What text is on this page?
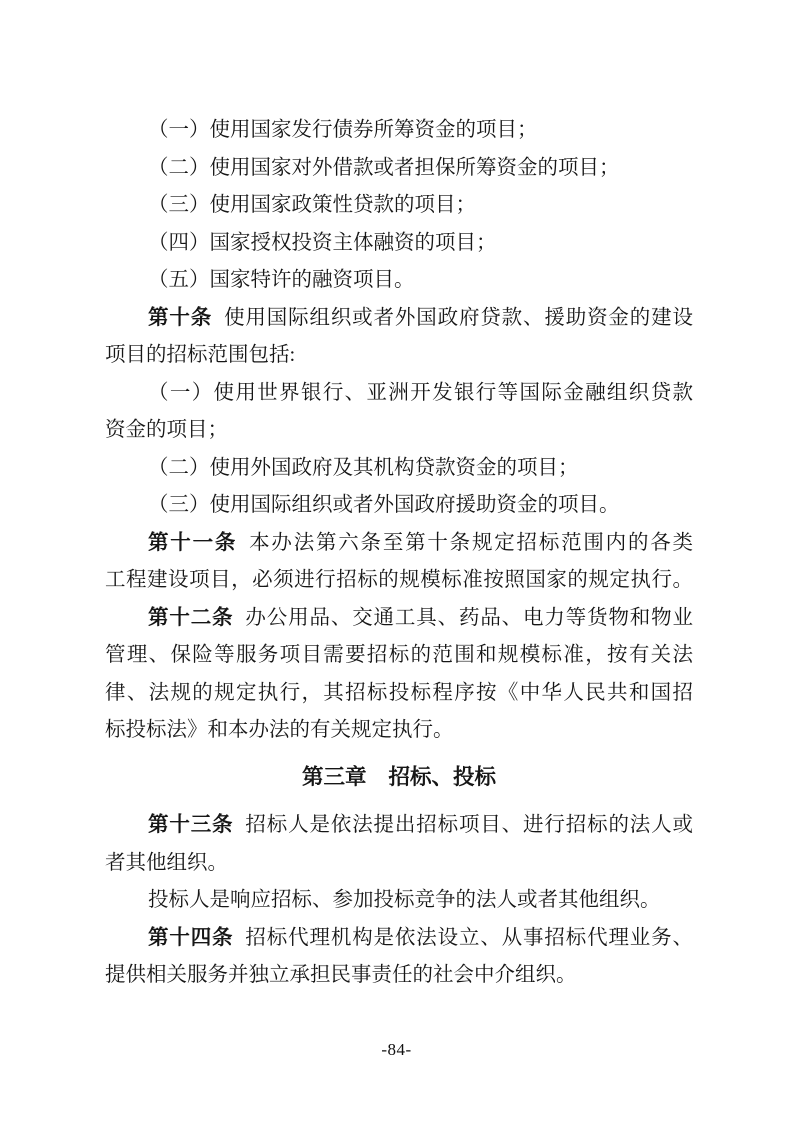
（一）使用国家发行债券所筹资金的项目；
（二）使用国家对外借款或者担保所筹资金的项目；
（三）使用国家政策性贷款的项目；
（四）国家授权投资主体融资的项目；
（五）国家特许的融资项目。
第十条 使用国际组织或者外国政府贷款、援助资金的建设
项目的招标范围包括:
（一）使用世界银行、亚洲开发银行等国际金融组织贷款
资金的项目；
（二）使用外国政府及其机构贷款资金的项目；
（三）使用国际组织或者外国政府援助资金的项目。
第十一条 本办法第六条至第十条规定招标范围内的各类
工程建设项目，必须进行招标的规模标准按照国家的规定执行。
第十二条 办公用品、交通工具、药品、电力等货物和物业
管理、保险等服务项目需要招标的范围和规模标准，按有关法
律、法规的规定执行，其招标投标程序按《中华人民共和国招
标投标法》和本办法的有关规定执行。
第三章 招标、投标
第十三条 招标人是依法提出招标项目、进行招标的法人或
者其他组织。
投标人是响应招标、参加投标竞争的法人或者其他组织。
第十四条 招标代理机构是依法设立、从事招标代理业务、
提供相关服务并独立承担民事责任的社会中介组织。
-84-
